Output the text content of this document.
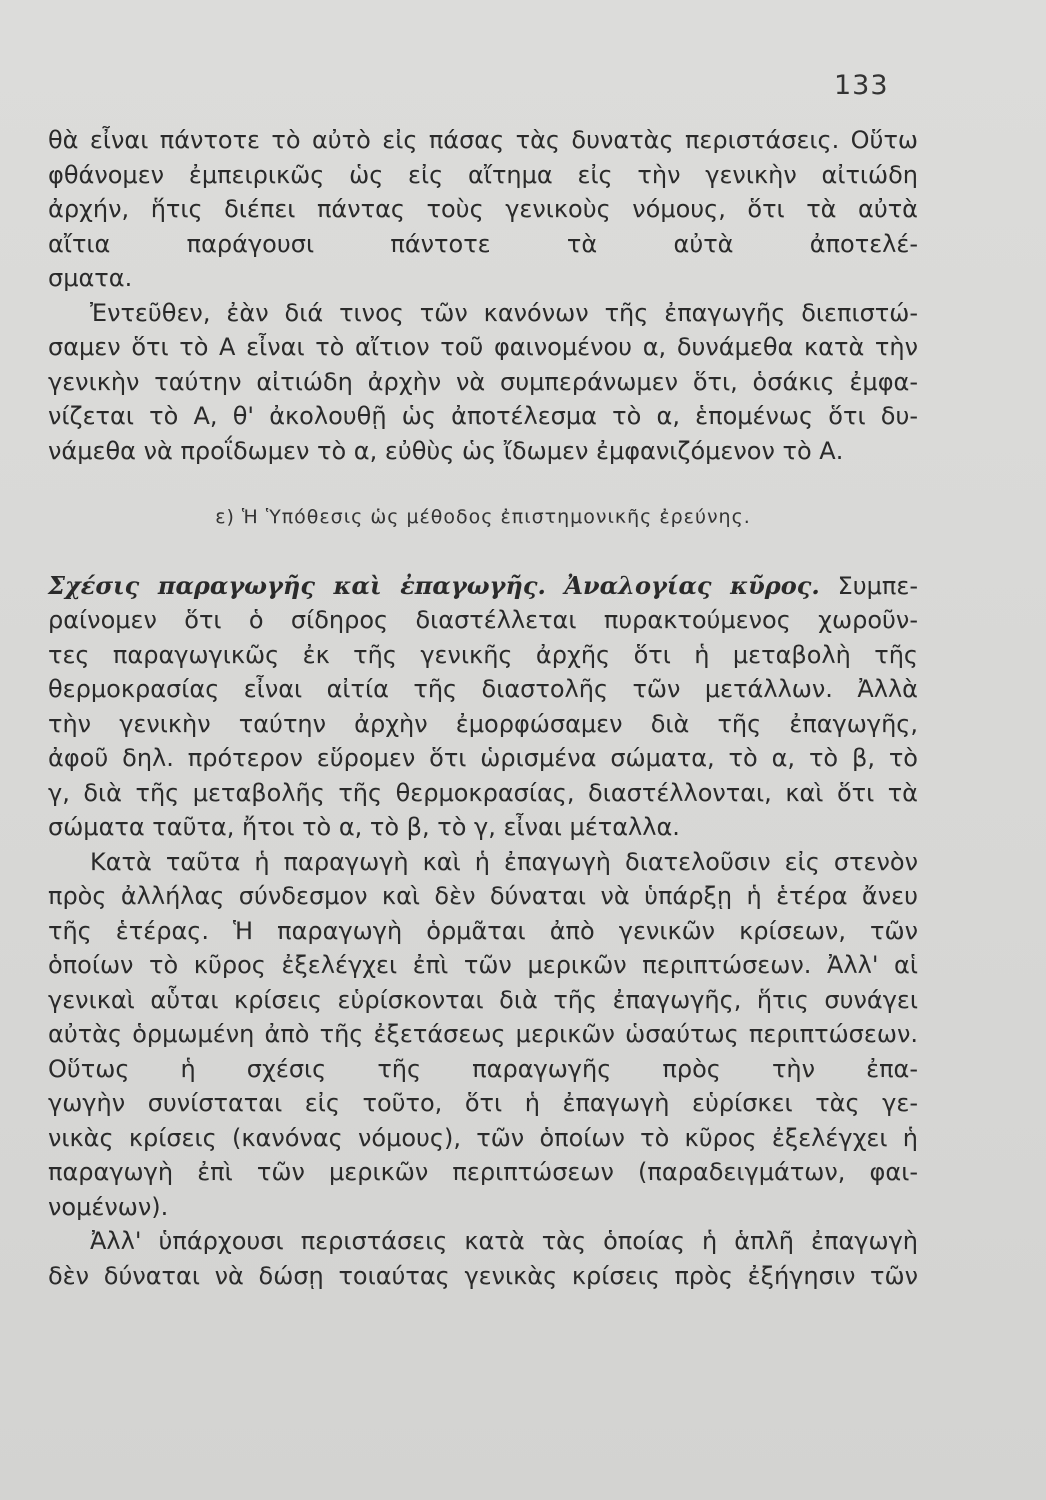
133
θὰ εἶναι πάντοτε τὸ αὐτὸ εἰς πάσας τὰς δυνατὰς περιστάσεις. Οὕτω
φθάνομεν ἐμπειρικῶς ὡς εἰς αἴτημα εἰς τὴν γενικὴν αἰτιώδη
ἀρχήν, ἥτις διέπει πάντας τοὺς γενικοὺς νόμους, ὅτι τὰ αὐτὰ
αἴτια παράγουσι πάντοτε τὰ αὐτὰ ἀποτελέ-
σματα.
Ἐντεῦθεν, ἐὰν διά τινος τῶν κανόνων τῆς ἐπαγωγῆς διεπιστώ-
σαμεν ὅτι τὸ Α εἶναι τὸ αἴτιον τοῦ φαινομένου α, δυνάμεθα κατὰ τὴν
γενικὴν ταύτην αἰτιώδη ἀρχὴν νὰ συμπεράνωμεν ὅτι, ὁσάκις ἐμφα-
νίζεται τὸ Α, θ' ἀκολουθῇ ὡς ἀποτέλεσμα τὸ α, ἑπομένως ὅτι δυ-
νάμεθα νὰ προΐδωμεν τὸ α, εὐθὺς ὡς ἴδωμεν ἐμφανιζόμενον τὸ Α.
ε) Ἡ Ὑπόθεσις ὡς μέθοδος ἐπιστημονικῆς ἐρεύνης.
Σχέσις παραγωγῆς καὶ ἐπαγωγῆς. Ἀναλογίας κῦρος. Συμπε-
ραίνομεν ὅτι ὁ σίδηρος διαστέλλεται πυρακτούμενος χωροῦν-
τες παραγωγικῶς ἐκ τῆς γενικῆς ἀρχῆς ὅτι ἡ μεταβολὴ τῆς
θερμοκρασίας εἶναι αἰτία τῆς διαστολῆς τῶν μετάλλων. Ἀλλὰ
τὴν γενικὴν ταύτην ἀρχὴν ἐμορφώσαμεν διὰ τῆς ἐπαγωγῆς,
ἀφοῦ δηλ. πρότερον εὕρομεν ὅτι ὡρισμένα σώματα, τὸ α, τὸ β, τὸ
γ, διὰ τῆς μεταβολῆς τῆς θερμοκρασίας, διαστέλλονται, καὶ ὅτι τὰ
σώματα ταῦτα, ἤτοι τὸ α, τὸ β, τὸ γ, εἶναι μέταλλα.
Κατὰ ταῦτα ἡ παραγωγὴ καὶ ἡ ἐπαγωγὴ διατελοῦσιν εἰς στενὸν
πρὸς ἀλλήλας σύνδεσμον καὶ δὲν δύναται νὰ ὑπάρξῃ ἡ ἑτέρα ἄνευ
τῆς ἑτέρας. Ἡ παραγωγὴ ὁρμᾶται ἀπὸ γενικῶν κρίσεων, τῶν
ὁποίων τὸ κῦρος ἐξελέγχει ἐπὶ τῶν μερικῶν περιπτώσεων. Ἀλλ' αἱ
γενικαὶ αὗται κρίσεις εὑρίσκονται διὰ τῆς ἐπαγωγῆς, ἥτις συνάγει
αὐτὰς ὁρμωμένη ἀπὸ τῆς ἐξετάσεως μερικῶν ὡσαύτως περιπτώσεων.
Οὕτως ἡ σχέσις τῆς παραγωγῆς πρὸς τὴν ἐπα-
γωγὴν συνίσταται εἰς τοῦτο, ὅτι ἡ ἐπαγωγὴ εὑρίσκει τὰς γε-
νικὰς κρίσεις (κανόνας νόμους), τῶν ὁποίων τὸ κῦρος ἐξελέγχει ἡ
παραγωγὴ ἐπὶ τῶν μερικῶν περιπτώσεων (παραδειγμάτων, φαι-
νομένων).
Ἀλλ' ὑπάρχουσι περιστάσεις κατὰ τὰς ὁποίας ἡ ἁπλῆ ἐπαγωγὴ
δὲν δύναται νὰ δώσῃ τοιαύτας γενικὰς κρίσεις πρὸς ἐξήγησιν τῶν
